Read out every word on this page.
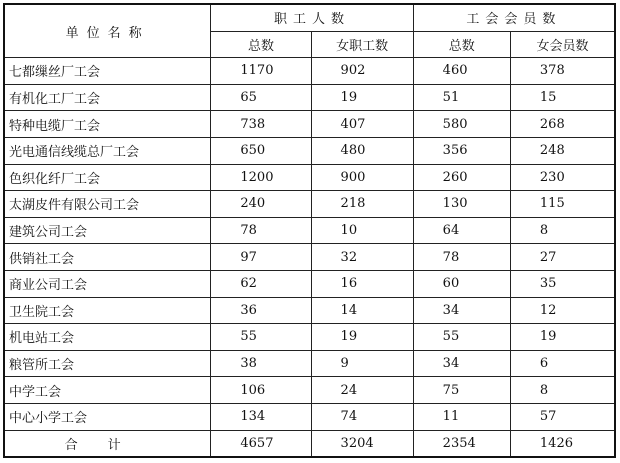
单位名称	职工人数		工会会员数	
	总数	女职工数	总数	女会员数
七都缫丝厂工会	1170	902	460	378
有机化工厂工会	65	19	51	15
特种电缆厂工会	738	407	580	268
光电通信线缆总厂工会	650	480	356	248
色织化纤厂工会	1200	900	260	230
太湖皮件有限公司工会	240	218	130	115
建筑公司工会	78	10	64	8
供销社工会	97	32	78	27
商业公司工会	62	16	60	35
卫生院工会	36	14	34	12
机电站工会	55	19	55	19
粮管所工会	38	9	34	6
中学工会	106	24	75	8
中心小学工会	134	74	11	57
合计	4657	3204	2354	1426
